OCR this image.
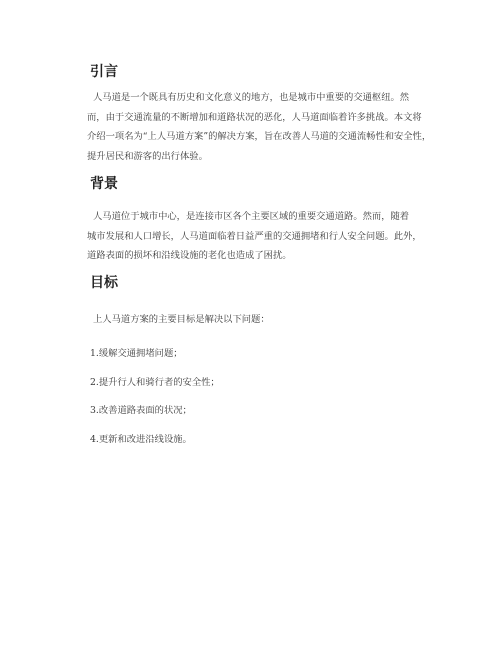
引言
人马道是一个既具有历史和文化意义的地方，也是城市中重要的交通枢纽。然
而，由于交通流量的不断增加和道路状况的恶化，人马道面临着许多挑战。本文将
介绍一项名为“上人马道方案”的解决方案，旨在改善人马道的交通流畅性和安全性，
提升居民和游客的出行体验。
背景
人马道位于城市中心，是连接市区各个主要区域的重要交通道路。然而，随着
城市发展和人口增长，人马道面临着日益严重的交通拥堵和行人安全问题。此外，
道路表面的损坏和沿线设施的老化也造成了困扰。
目标

上人马道方案的主要目标是解决以下问题：

1.缓解交通拥堵问题；

2.提升行人和骑行者的安全性；

3.改善道路表面的状况；

4.更新和改进沿线设施。
